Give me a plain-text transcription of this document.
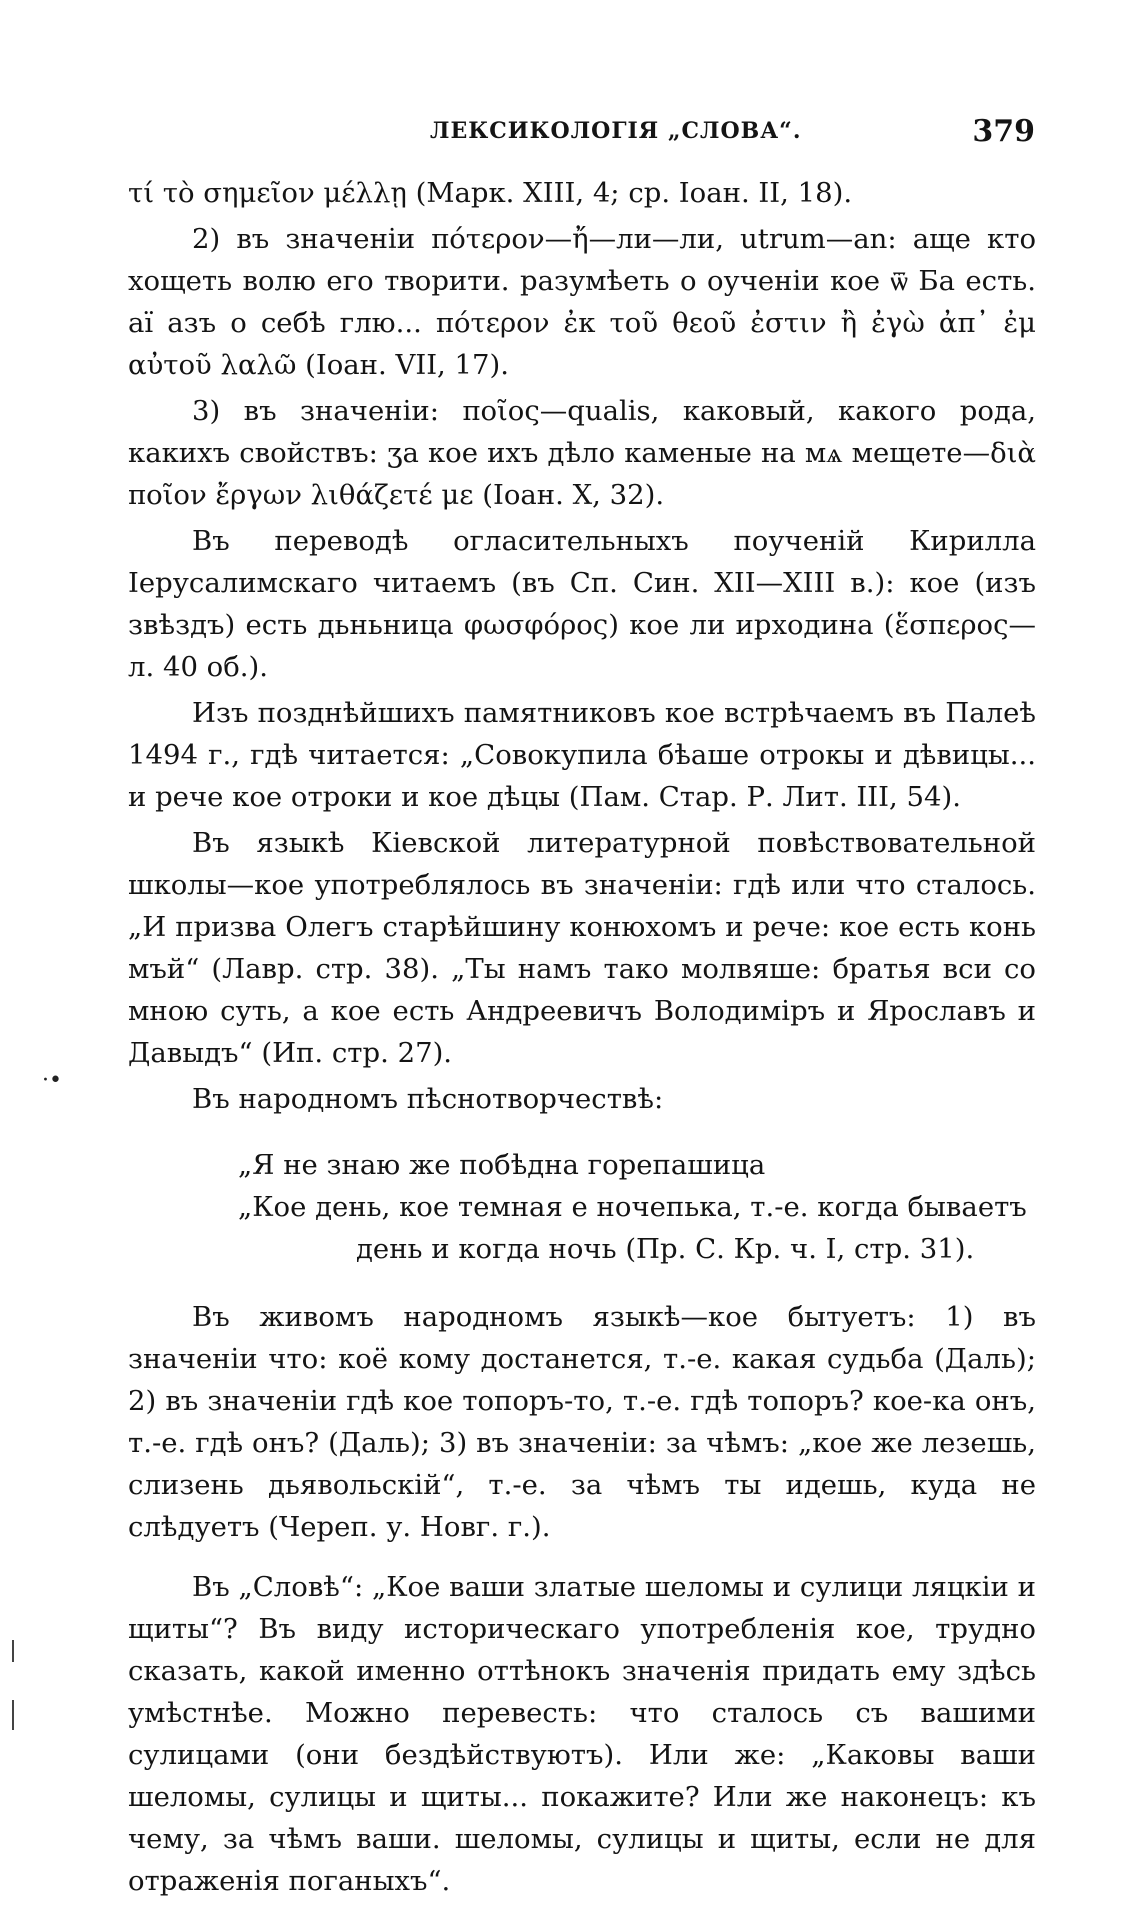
ЛЕКСИКОЛОГІЯ „СЛОВА“.	379

τί τὸ σημεῖον μέλλῃ (Марк. XIII, 4; ср. Іоан. II, 18).

2) въ значеніи πότερον—ἤ—ли—ли, utrum—an: аще кто хощеть волю его творити. разумѣеть о оученіи кое ѿ Ба есть. аї азъ о себѣ глю... πότερον ἐκ τοῦ θεοῦ ἐστιν ἢ ἐγὼ ἀπ᾿ ἐμ αὐτοῦ λαλῶ (Іоан. VII, 17).

3) въ значеніи: ποῖος—qualis, каковый, какого рода, какихъ свойствъ: ʒа кое ихъ дѣло каменые на мѧ мещете—διὰ ποῖον ἔργων λιθάζετέ με (Іоан. X, 32).

Въ переводѣ огласительныхъ поученій Кирилла Іерусалимскаго читаемъ (въ Сп. Син. XII—XIII в.): кое (изъ звѣздъ) есть дьньница φωσφόρος) кое ли ирходина (ἕσπερος—л. 40 об.).

Изъ позднѣйшихъ памятниковъ кое встрѣчаемъ въ Палеѣ 1494 г., гдѣ читается: „Совокупила бѣаше отрокы и дѣвицы... и рече кое отроки и кое дѣцы (Пам. Стар. Р. Лит. III, 54).

Въ языкѣ Кіевской литературной повѣствовательной школы—кое употреблялось въ значеніи: гдѣ или что сталось. „И призва Олегъ старѣйшину конюхомъ и рече: кое есть конь мъй“ (Лавр. стр. 38). „Ты намъ тако молвяше: братья вси со мною суть, а кое есть Андреевичъ Володиміръ и Ярославъ и Давыдъ“ (Ип. стр. 27).

Въ народномъ пѣснотворчествѣ:

„Я не знаю же побѣдна горепашица
„Кое день, кое темная е ночепька, т.-е. когда бываетъ
день и когда ночь (Пр. С. Кр. ч. I, стр. 31).

Въ живомъ народномъ языкѣ—кое бытуетъ: 1) въ значеніи что: коё кому достанется, т.-е. какая судьба (Даль); 2) въ значеніи гдѣ кое топоръ-то, т.-е. гдѣ топоръ? кое-ка онъ, т.-е. гдѣ онъ? (Даль); 3) въ значеніи: за чѣмъ: „кое же лезешь, слизень дьявольскій“, т.-е. за чѣмъ ты идешь, куда не слѣдуетъ (Череп. у. Новг. г.).

Въ „Словѣ“: „Кое ваши златые шеломы и сулици ляцкіи и щиты“? Въ виду историческаго употребленія кое, трудно сказать, какой именно оттѣнокъ значенія придать ему здѣсь умѣстнѣе. Можно перевесть: что сталось съ вашими сулицами (они бездѣйствуютъ). Или же: „Каковы ваши шеломы, сулицы и щиты... покажите? Или же наконецъ: къ чему, за чѣмъ ваши. шеломы, сулицы и щиты, если не для отраженія поганыхъ“.

·•
